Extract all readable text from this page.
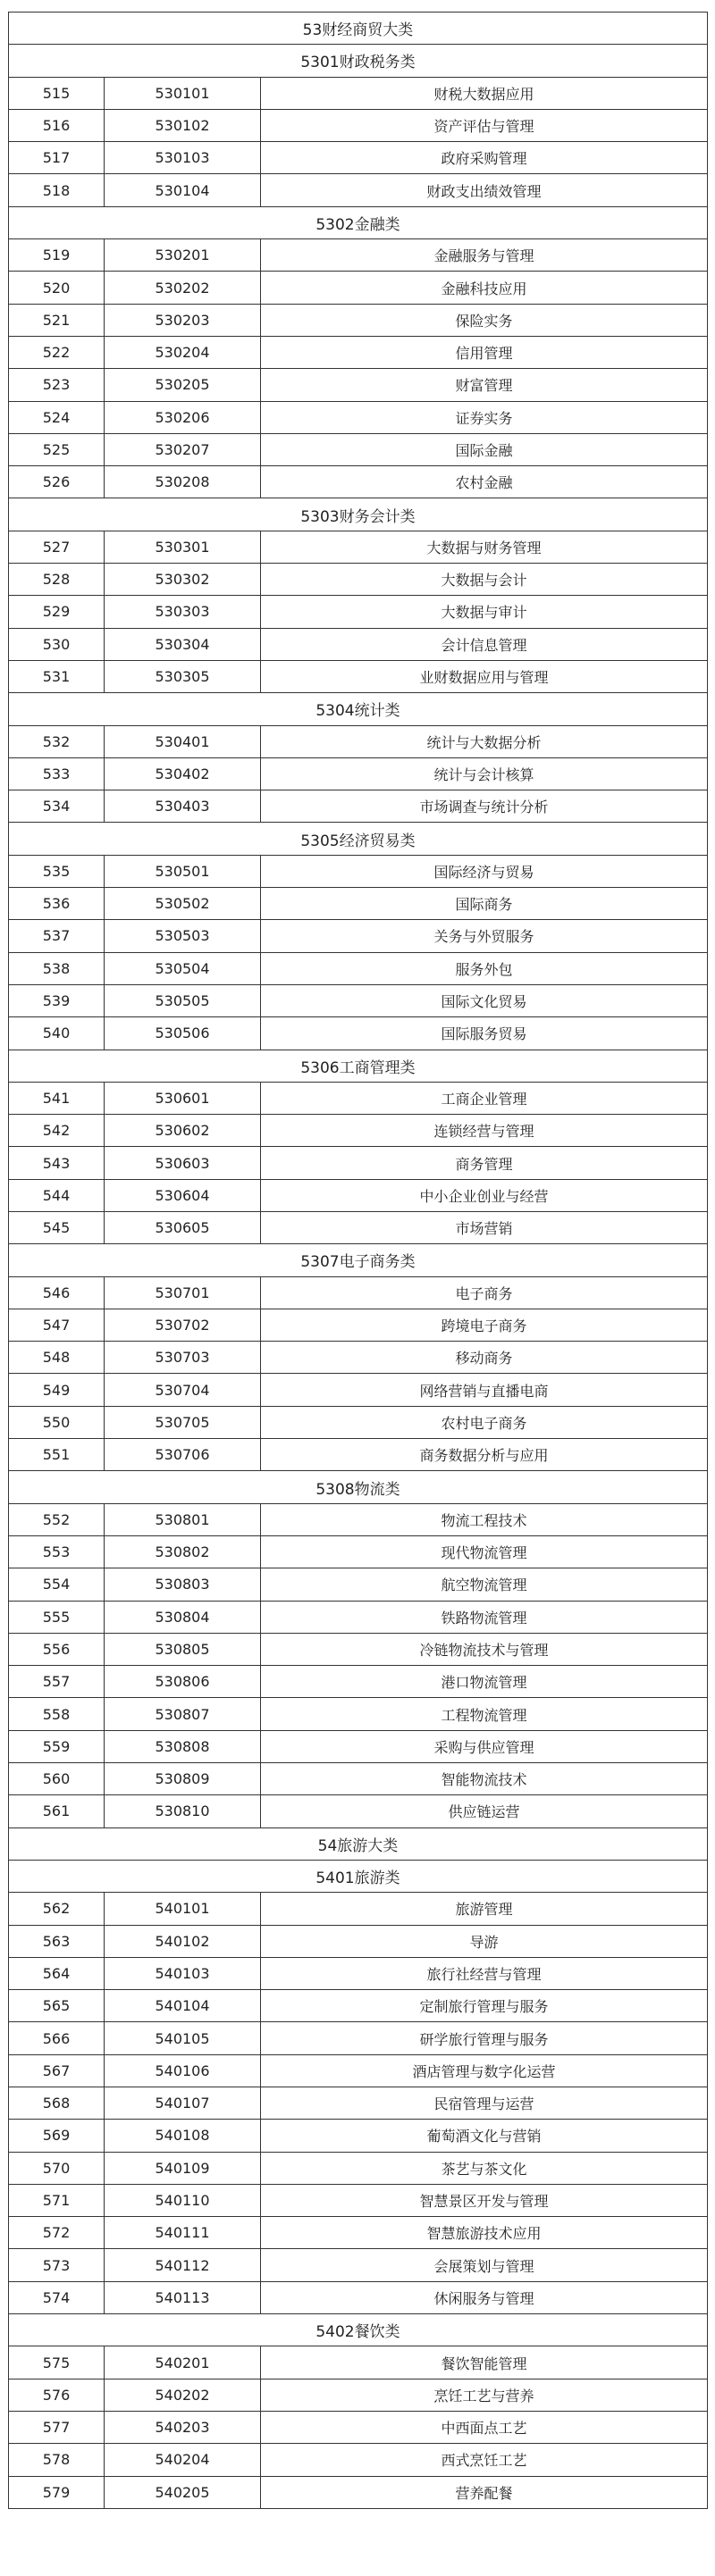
53财经商贸大类		
5301财政税务类		
515	530101	财税大数据应用
516	530102	资产评估与管理
517	530103	政府采购管理
518	530104	财政支出绩效管理
5302金融类		
519	530201	金融服务与管理
520	530202	金融科技应用
521	530203	保险实务
522	530204	信用管理
523	530205	财富管理
524	530206	证券实务
525	530207	国际金融
526	530208	农村金融
5303财务会计类		
527	530301	大数据与财务管理
528	530302	大数据与会计
529	530303	大数据与审计
530	530304	会计信息管理
531	530305	业财数据应用与管理
5304统计类		
532	530401	统计与大数据分析
533	530402	统计与会计核算
534	530403	市场调查与统计分析
5305经济贸易类		
535	530501	国际经济与贸易
536	530502	国际商务
537	530503	关务与外贸服务
538	530504	服务外包
539	530505	国际文化贸易
540	530506	国际服务贸易
5306工商管理类		
541	530601	工商企业管理
542	530602	连锁经营与管理
543	530603	商务管理
544	530604	中小企业创业与经营
545	530605	市场营销
5307电子商务类		
546	530701	电子商务
547	530702	跨境电子商务
548	530703	移动商务
549	530704	网络营销与直播电商
550	530705	农村电子商务
551	530706	商务数据分析与应用
5308物流类		
552	530801	物流工程技术
553	530802	现代物流管理
554	530803	航空物流管理
555	530804	铁路物流管理
556	530805	冷链物流技术与管理
557	530806	港口物流管理
558	530807	工程物流管理
559	530808	采购与供应管理
560	530809	智能物流技术
561	530810	供应链运营
54旅游大类		
5401旅游类		
562	540101	旅游管理
563	540102	导游
564	540103	旅行社经营与管理
565	540104	定制旅行管理与服务
566	540105	研学旅行管理与服务
567	540106	酒店管理与数字化运营
568	540107	民宿管理与运营
569	540108	葡萄酒文化与营销
570	540109	茶艺与茶文化
571	540110	智慧景区开发与管理
572	540111	智慧旅游技术应用
573	540112	会展策划与管理
574	540113	休闲服务与管理
5402餐饮类		
575	540201	餐饮智能管理
576	540202	烹饪工艺与营养
577	540203	中西面点工艺
578	540204	西式烹饪工艺
579	540205	营养配餐
